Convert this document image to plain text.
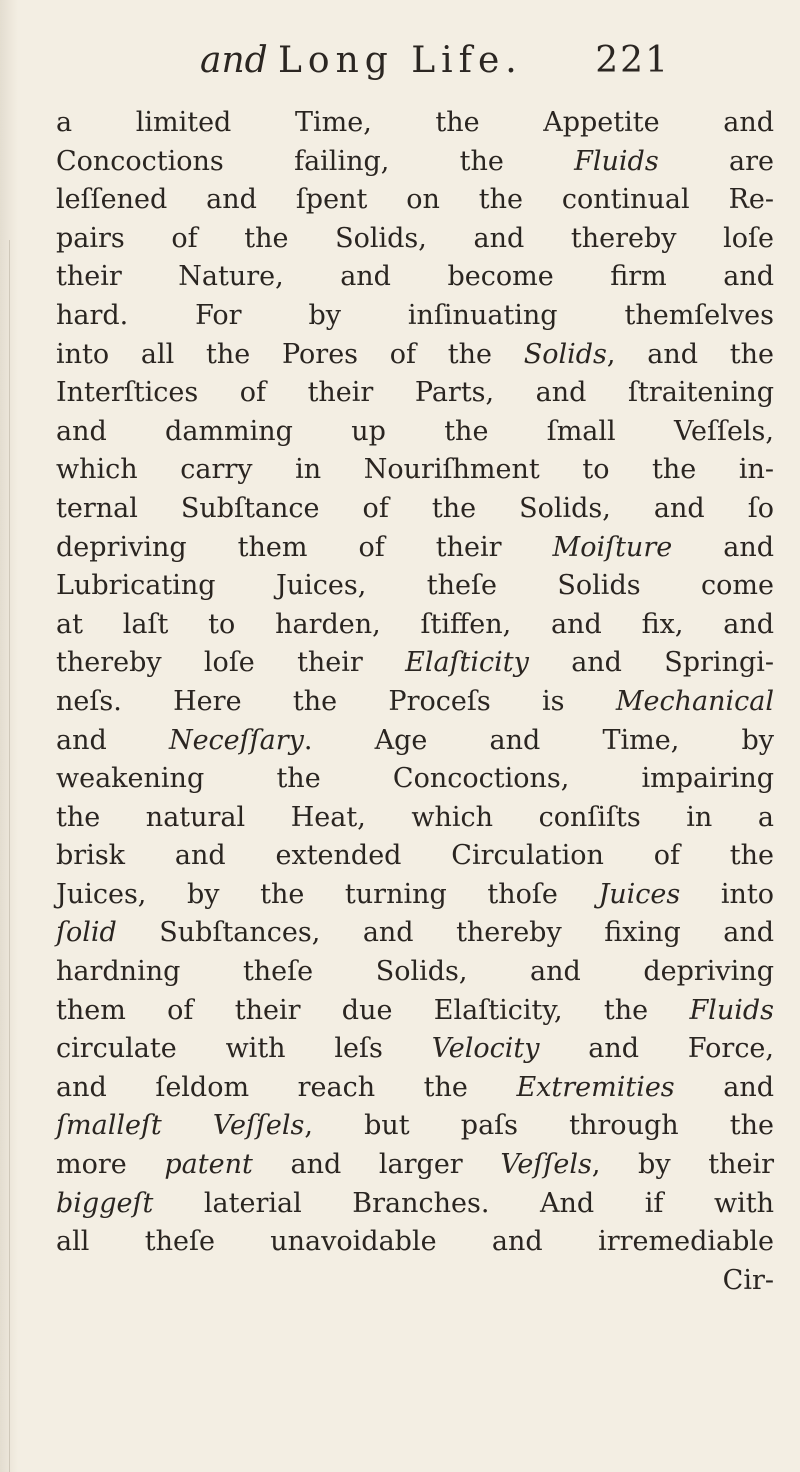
and Long Life. 221
a limited Time, the Appetite and
Concoctions failing, the Fluids are
leſſened and ſpent on the continual Re-
pairs of the Solids, and thereby loſe
their Nature, and become firm and
hard. For by inſinuating themſelves
into all the Pores of the Solids, and the
Interſtices of their Parts, and ſtraitening
and damming up the ſmall Veſſels,
which carry in Nouriſhment to the in-
ternal Subſtance of the Solids, and ſo
depriving them of their Moiſture and
Lubricating Juices, theſe Solids come
at laſt to harden, ſtiffen, and fix, and
thereby loſe their Elaſticity and Springi-
neſs. Here the Proceſs is Mechanical
and Neceſſary. Age and Time, by
weakening the Concoctions, impairing
the natural Heat, which conſiſts in a
brisk and extended Circulation of the
Juices, by the turning thoſe Juices into
ſolid Subſtances, and thereby fixing and
hardning theſe Solids, and depriving
them of their due Elaſticity, the Fluids
circulate with leſs Velocity and Force,
and ſeldom reach the Extremities and
ſmalleſt Veſſels, but paſs through the
more patent and larger Veſſels, by their
biggeſt laterial Branches. And if with
all theſe unavoidable and irremediable
Cir-
